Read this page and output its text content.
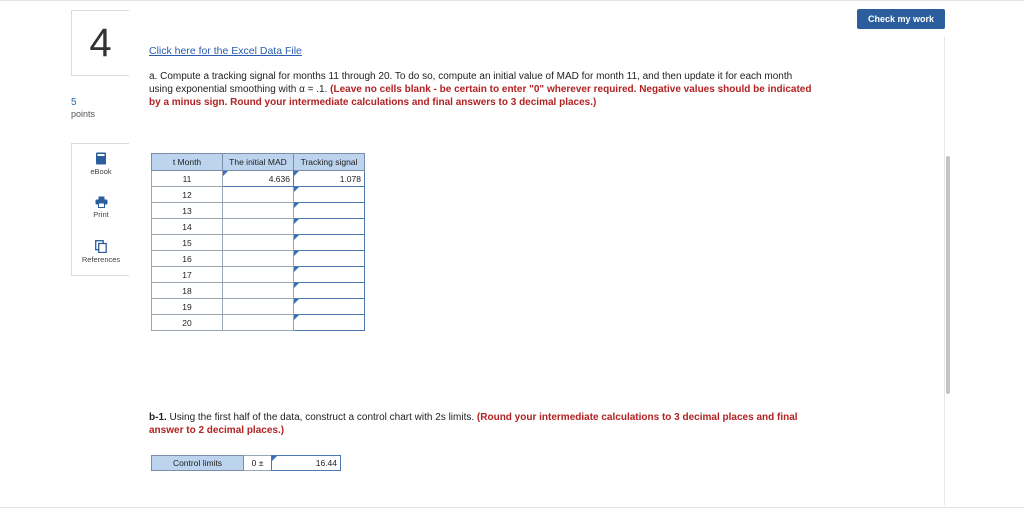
4
5
points
eBook
Print
References
Click here for the Excel Data File
a. Compute a tracking signal for months 11 through 20. To do so, compute an initial value of MAD for month 11, and then update it for each month using exponential smoothing with α = .1. (Leave no cells blank - be certain to enter "0" wherever required. Negative values should be indicated by a minus sign. Round your intermediate calculations and final answers to 3 decimal places.)
t Month	The initial MAD	Tracking signal
11	4.636	1.078
12		
13		
14		
15		
16		
17		
18		
19		
20		
b-1. Using the first half of the data, construct a control chart with 2s limits. (Round your intermediate calculations to 3 decimal places and final answer to 2 decimal places.)
Control limits	0 ±	16.44
Check my work
